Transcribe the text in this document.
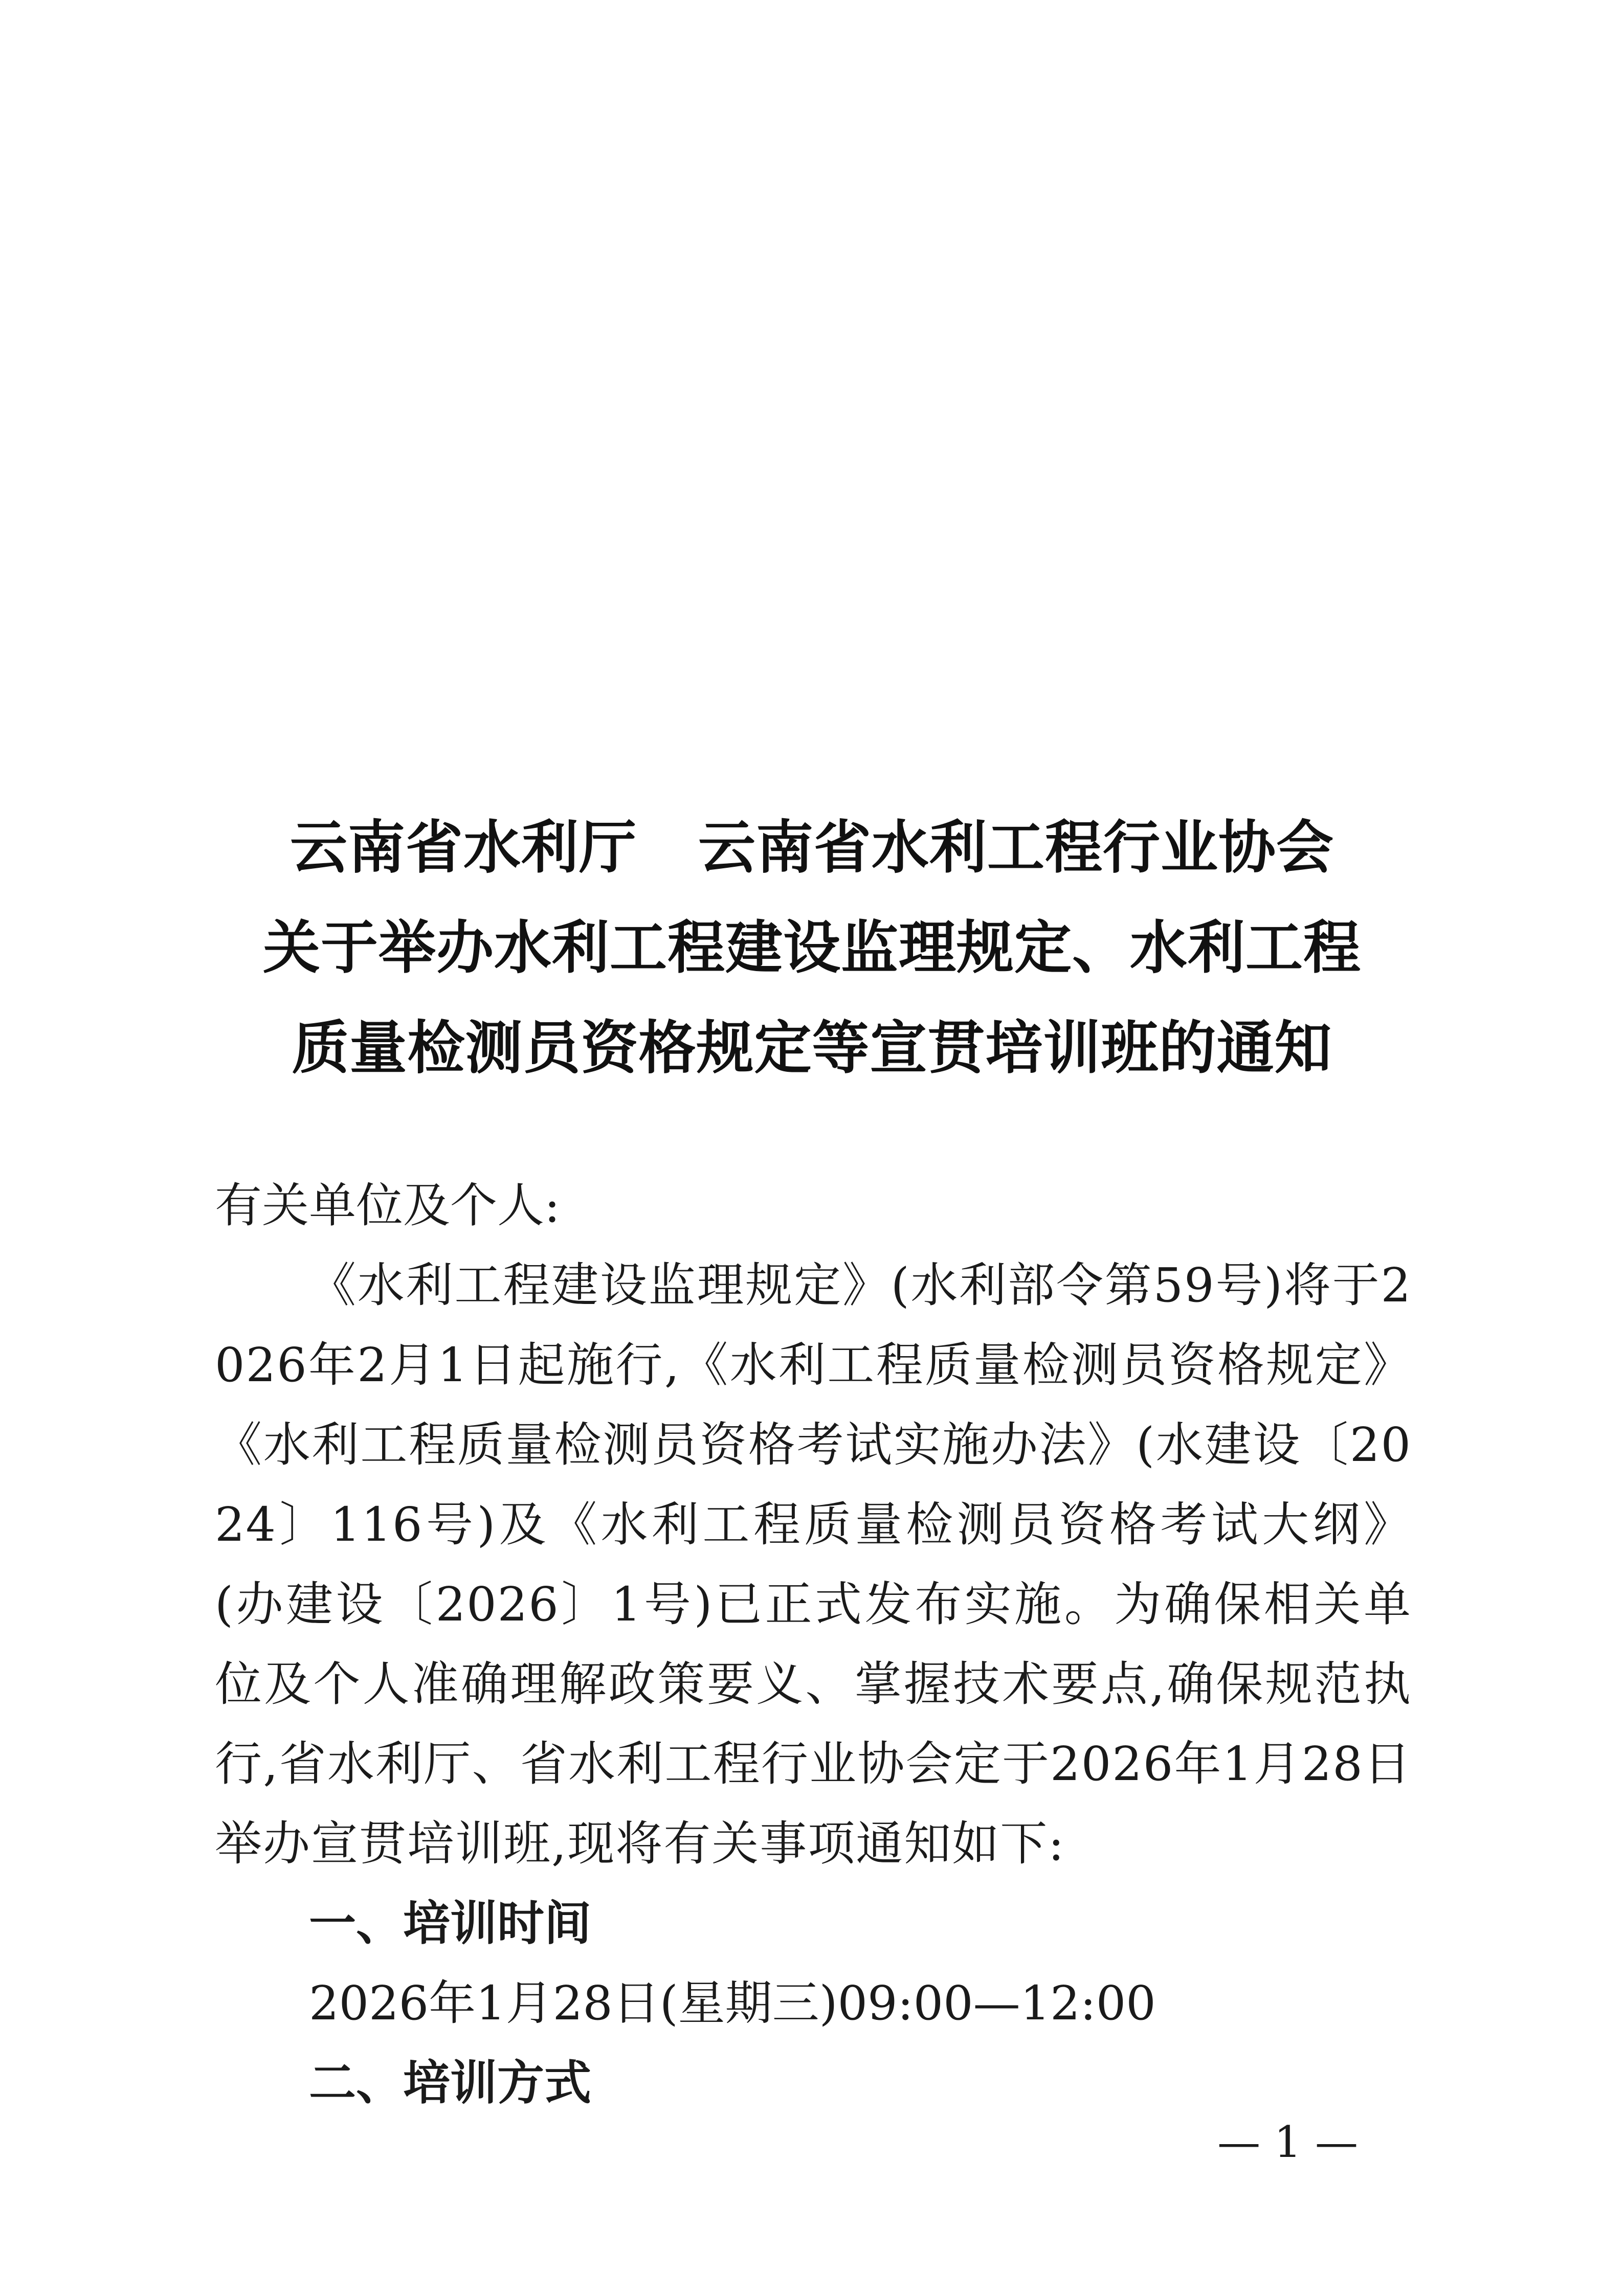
云南省水利厅 云南省水利工程行业协会
关于举办水利工程建设监理规定、水利工程
质量检测员资格规定等宣贯培训班的通知

有关单位及个人:

《水利工程建设监理规定》(水利部令第59号)将于2026年2月1日起施行,《水利工程质量检测员资格规定》《水利工程质量检测员资格考试实施办法》(水建设〔2024〕116号)及《水利工程质量检测员资格考试大纲》(办建设〔2026〕1号)已正式发布实施。为确保相关单位及个人准确理解政策要义、掌握技术要点,确保规范执行,省水利厅、省水利工程行业协会定于2026年1月28日举办宣贯培训班,现将有关事项通知如下:

一、培训时间

2026年1月28日(星期三)09:00—12:00

二、培训方式

— 1 —
